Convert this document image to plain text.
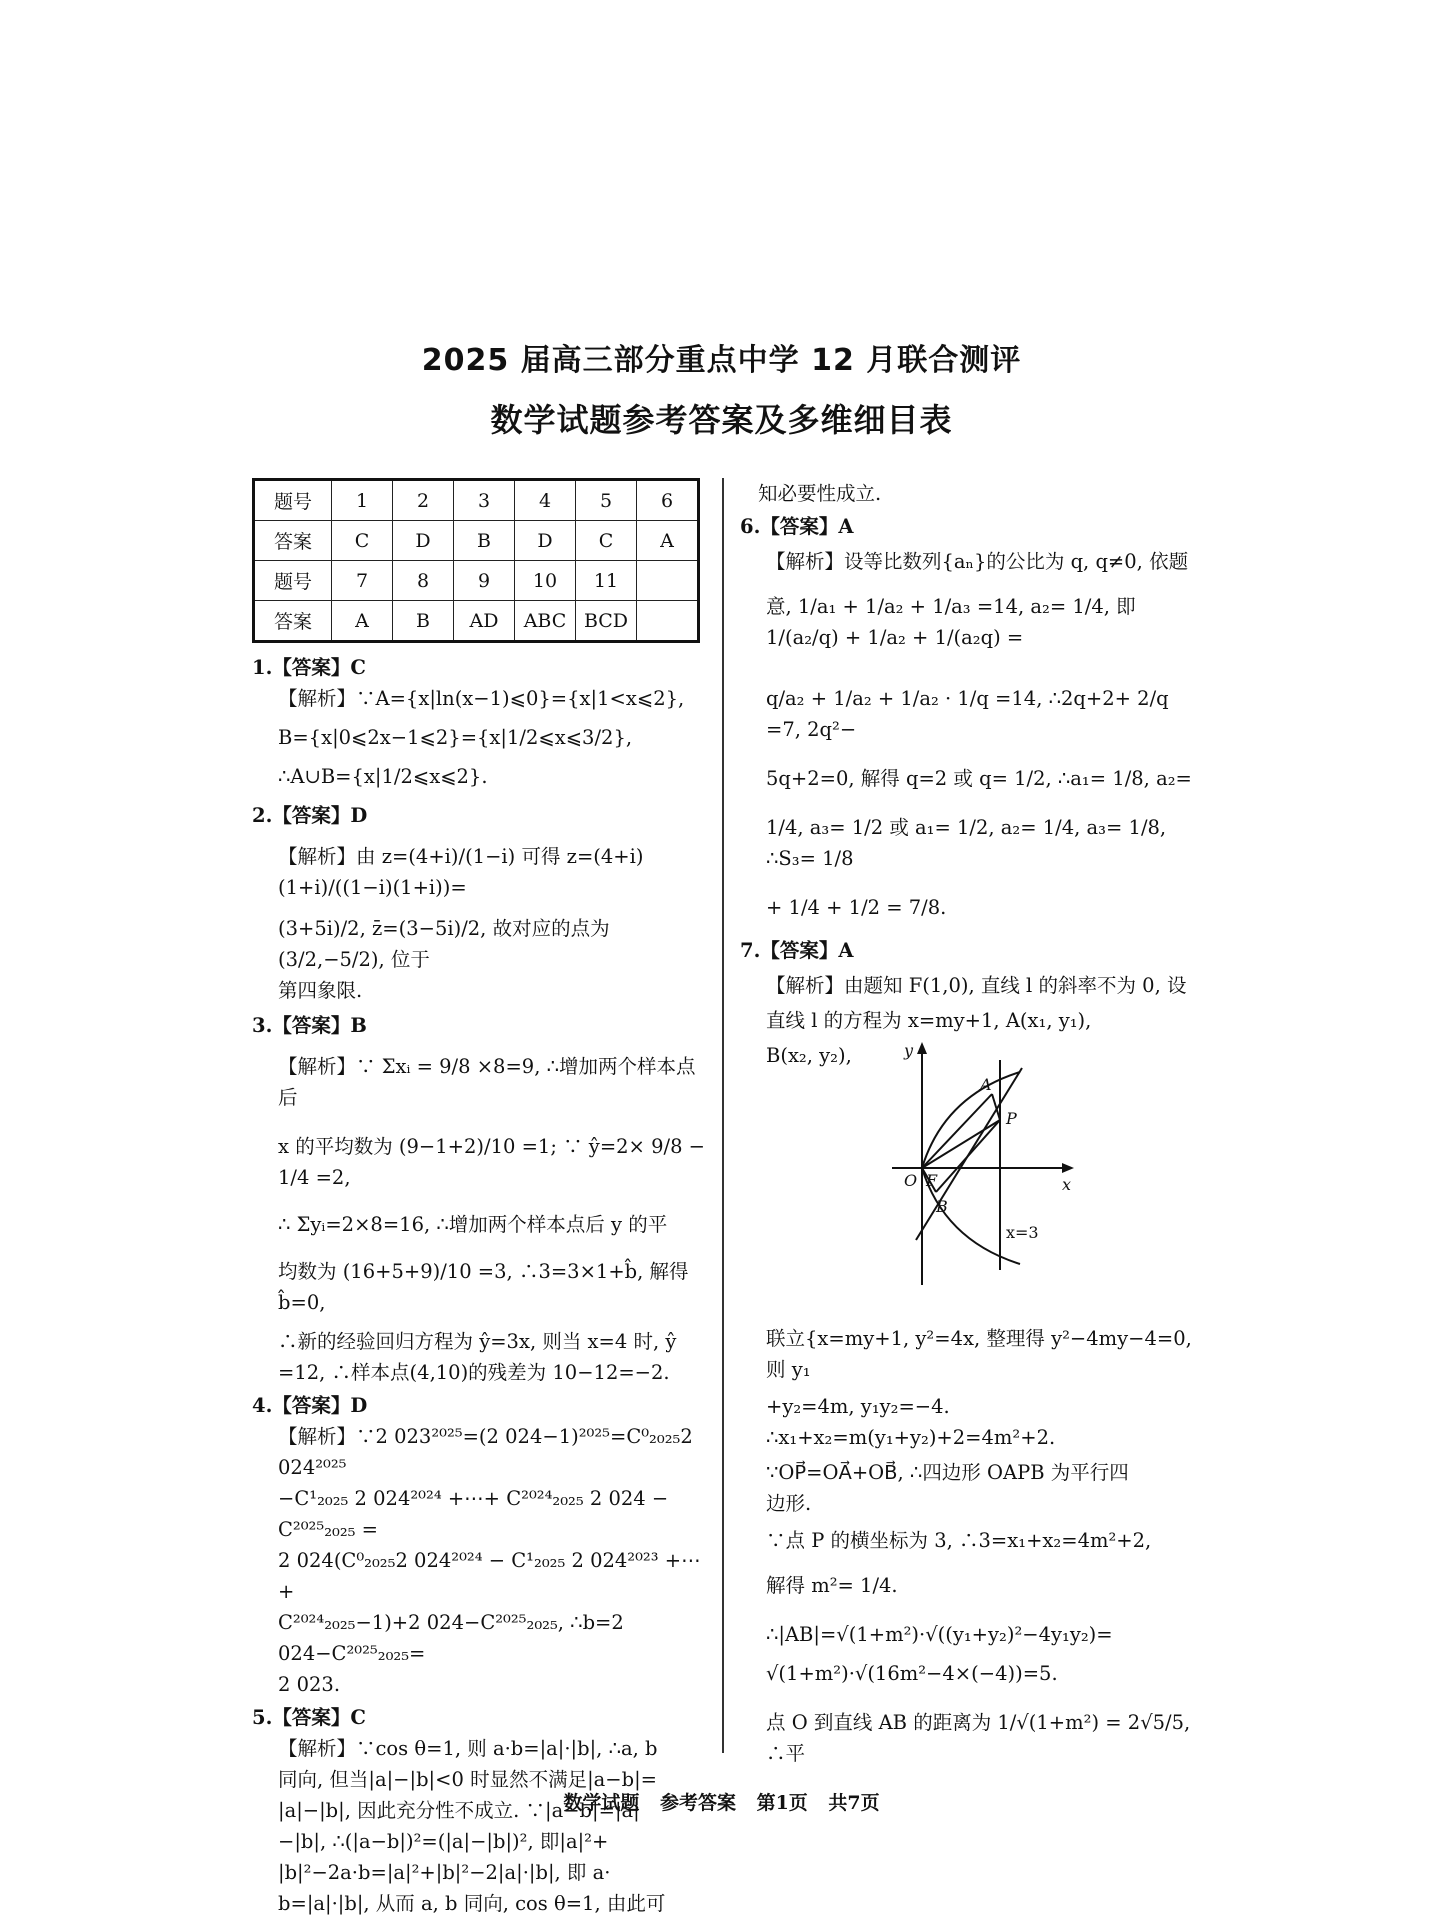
2025 届高三部分重点中学 12 月联合测评
数学试题参考答案及多维细目表
题号	1	2	3	4	5	6
答案	C	D	B	D	C	A
题号	7	8	9	10	11	
答案	A	B	AD	ABC	BCD	
1.【答案】C

【解析】∵A={x|ln(x−1)⩽0}={x|1<x⩽2},

B={x|0⩽2x−1⩽2}={x|1/2⩽x⩽3/2},

∴A∪B={x|1/2⩽x⩽2}.

2.【答案】D

【解析】由 z=(4+i)/(1−i) 可得 z=(4+i)(1+i)/((1−i)(1+i))=

(3+5i)/2, z̄=(3−5i)/2, 故对应的点为(3/2,−5/2), 位于

第四象限.

3.【答案】B

【解析】∵ Σxᵢ = 9/8 ×8=9, ∴增加两个样本点后

x 的平均数为 (9−1+2)/10 =1; ∵ ŷ=2× 9/8 − 1/4 =2,

∴ Σyᵢ=2×8=16, ∴增加两个样本点后 y 的平

均数为 (16+5+9)/10 =3, ∴3=3×1+b̂, 解得 b̂=0,

∴新的经验回归方程为 ŷ=3x, 则当 x=4 时, ŷ

=12, ∴样本点(4,10)的残差为 10−12=−2.

4.【答案】D

【解析】∵2 023²⁰²⁵=(2 024−1)²⁰²⁵=C⁰₂₀₂₅2 024²⁰²⁵

−C¹₂₀₂₅ 2 024²⁰²⁴ +⋯+ C²⁰²⁴₂₀₂₅ 2 024 − C²⁰²⁵₂₀₂₅ =

2 024(C⁰₂₀₂₅2 024²⁰²⁴ − C¹₂₀₂₅ 2 024²⁰²³ +⋯+

C²⁰²⁴₂₀₂₅−1)+2 024−C²⁰²⁵₂₀₂₅, ∴b=2 024−C²⁰²⁵₂₀₂₅=

2 023.

5.【答案】C

【解析】∵cos θ=1, 则 a·b=|a|·|b|, ∴a, b

同向, 但当|a|−|b|<0 时显然不满足|a−b|=

|a|−|b|, 因此充分性不成立. ∵|a−b|=|a|

−|b|, ∴(|a−b|)²=(|a|−|b|)², 即|a|²+

|b|²−2a·b=|a|²+|b|²−2|a|·|b|, 即 a·

b=|a|·|b|, 从而 a, b 同向, cos θ=1, 由此可

知必要性成立.

6.【答案】A

【解析】设等比数列{aₙ}的公比为 q, q≠0, 依题

意, 1/a₁ + 1/a₂ + 1/a₃ =14, a₂= 1/4, 即 1/(a₂/q) + 1/a₂ + 1/(a₂q) =

q/a₂ + 1/a₂ + 1/a₂ · 1/q =14, ∴2q+2+ 2/q =7, 2q²−

5q+2=0, 解得 q=2 或 q= 1/2, ∴a₁= 1/8, a₂=

1/4, a₃= 1/2 或 a₁= 1/2, a₂= 1/4, a₃= 1/8, ∴S₃= 1/8

+ 1/4 + 1/2 = 7/8.

7.【答案】A

【解析】由题知 F(1,0), 直线 l 的斜率不为 0, 设

直线 l 的方程为 x=my+1, A(x₁, y₁),

B(x₂, y₂),

联立{x=my+1, y²=4x, 整理得 y²−4my−4=0, 则 y₁

+y₂=4m, y₁y₂=−4.

∴x₁+x₂=m(y₁+y₂)+2=4m²+2.

∵OP⃗=OA⃗+OB⃗, ∴四边形 OAPB 为平行四

边形.

∵点 P 的横坐标为 3, ∴3=x₁+x₂=4m²+2,

解得 m²= 1/4.

∴|AB|=√(1+m²)·√((y₁+y₂)²−4y₁y₂)=

√(1+m²)·√(16m²−4×(−4))=5.

点 O 到直线 AB 的距离为 1/√(1+m²) = 2√5/5, ∴平

y
x
O F
A
B
P
x=3
数学试题 参考答案 第1页 共7页
